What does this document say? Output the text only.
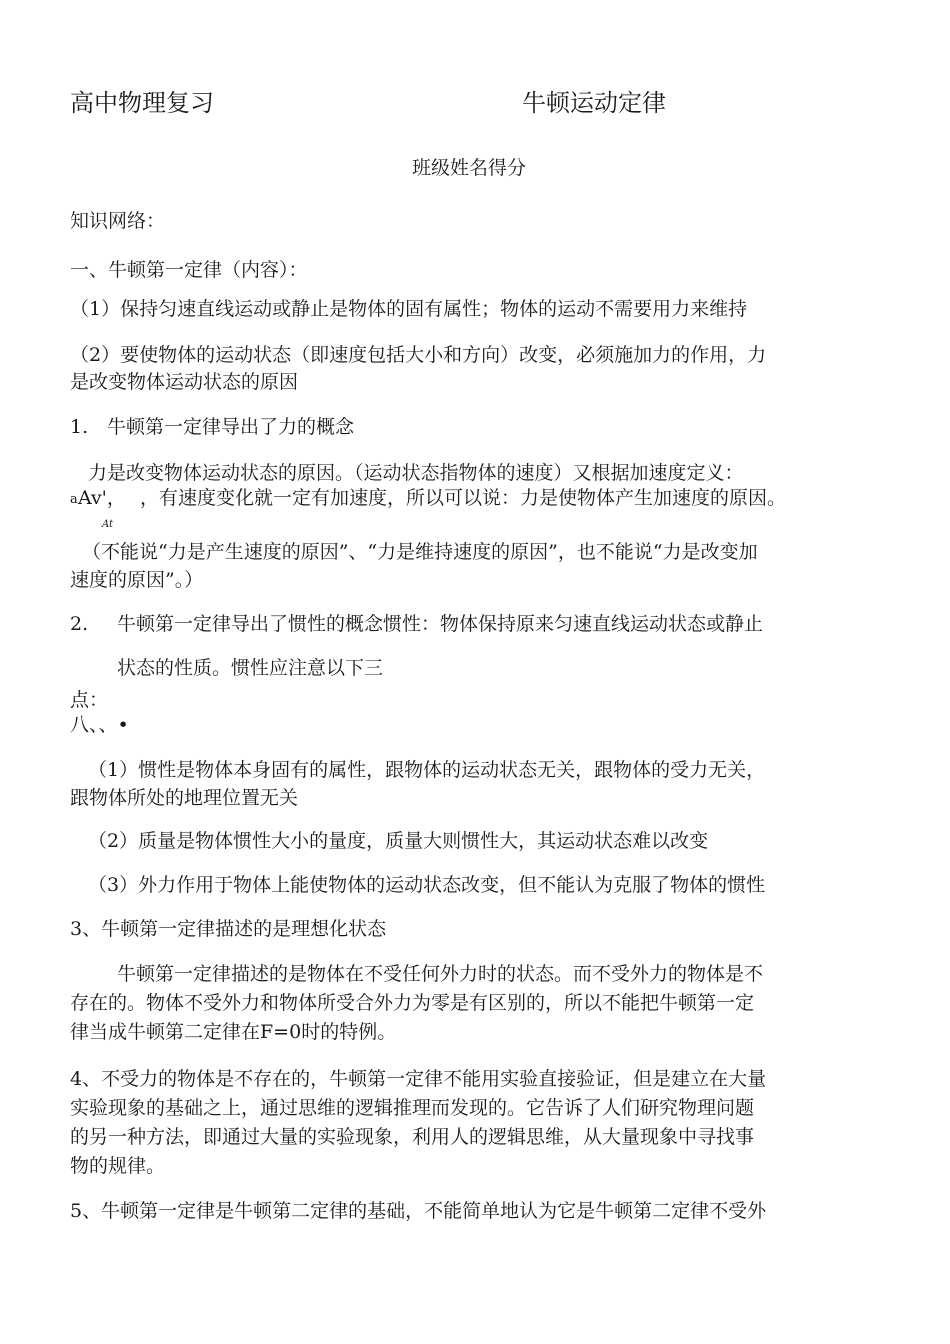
高中物理复习	牛顿运动定律
班级姓名得分
知识网络：
一、牛顿第一定律（内容）：
（1）保持匀速直线运动或静止是物体的固有属性；物体的运动不需要用力来维持
（2）要使物体的运动状态（即速度包括大小和方向）改变，必须施加力的作用，力
是改变物体运动状态的原因
1. 牛顿第一定律导出了力的概念
力是改变物体运动状态的原因。（运动状态指物体的速度）又根据加速度定义：
a Av'， ，有速度变化就一定有加速度，所以可以说：力是使物体产生加速度的原因。
At
（不能说“力是产生速度的原因”、“力是维持速度的原因”，也不能说“力是改变加
速度的原因”。）
2. 牛顿第一定律导出了惯性的概念惯性：物体保持原来匀速直线运动状态或静止
状态的性质。惯性应注意以下三
点：
八、、•
（1）惯性是物体本身固有的属性，跟物体的运动状态无关，跟物体的受力无关，
跟物体所处的地理位置无关
（2）质量是物体惯性大小的量度，质量大则惯性大，其运动状态难以改变
（3）外力作用于物体上能使物体的运动状态改变，但不能认为克服了物体的惯性
3、牛顿第一定律描述的是理想化状态
牛顿第一定律描述的是物体在不受任何外力时的状态。而不受外力的物体是不
存在的。物体不受外力和物体所受合外力为零是有区别的，所以不能把牛顿第一定
律当成牛顿第二定律在F=0时的特例。
4、不受力的物体是不存在的，牛顿第一定律不能用实验直接验证，但是建立在大量
实验现象的基础之上，通过思维的逻辑推理而发现的。它告诉了人们研究物理问题
的另一种方法，即通过大量的实验现象，利用人的逻辑思维，从大量现象中寻找事
物的规律。
5、牛顿第一定律是牛顿第二定律的基础，不能简单地认为它是牛顿第二定律不受外
